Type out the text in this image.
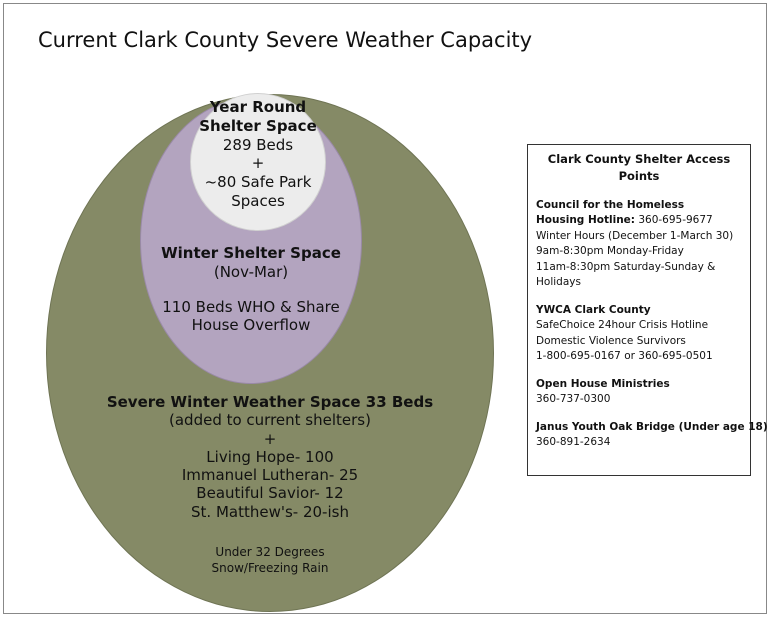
Current Clark County Severe Weather Capacity
Year Round
Shelter Space
289 Beds
+
~80 Safe Park
Spaces
Winter Shelter Space
(Nov-Mar)
110 Beds WHO & Share
House Overflow
Severe Winter Weather Space 33 Beds
(added to current shelters)
+
Living Hope- 100
Immanuel Lutheran- 25
Beautiful Savior- 12
St. Matthew's- 20-ish
Under 32 Degrees
Snow/Freezing Rain
Clark County Shelter Access
Points
Council for the Homeless
Housing Hotline: 360-695-9677
Winter Hours (December 1-March 30)
9am-8:30pm Monday-Friday
11am-8:30pm Saturday-Sunday &
Holidays
YWCA Clark County
SafeChoice 24hour Crisis Hotline
Domestic Violence Survivors
1-800-695-0167 or 360-695-0501
Open House Ministries
360-737-0300
Janus Youth Oak Bridge (Under age 18)
360-891-2634
